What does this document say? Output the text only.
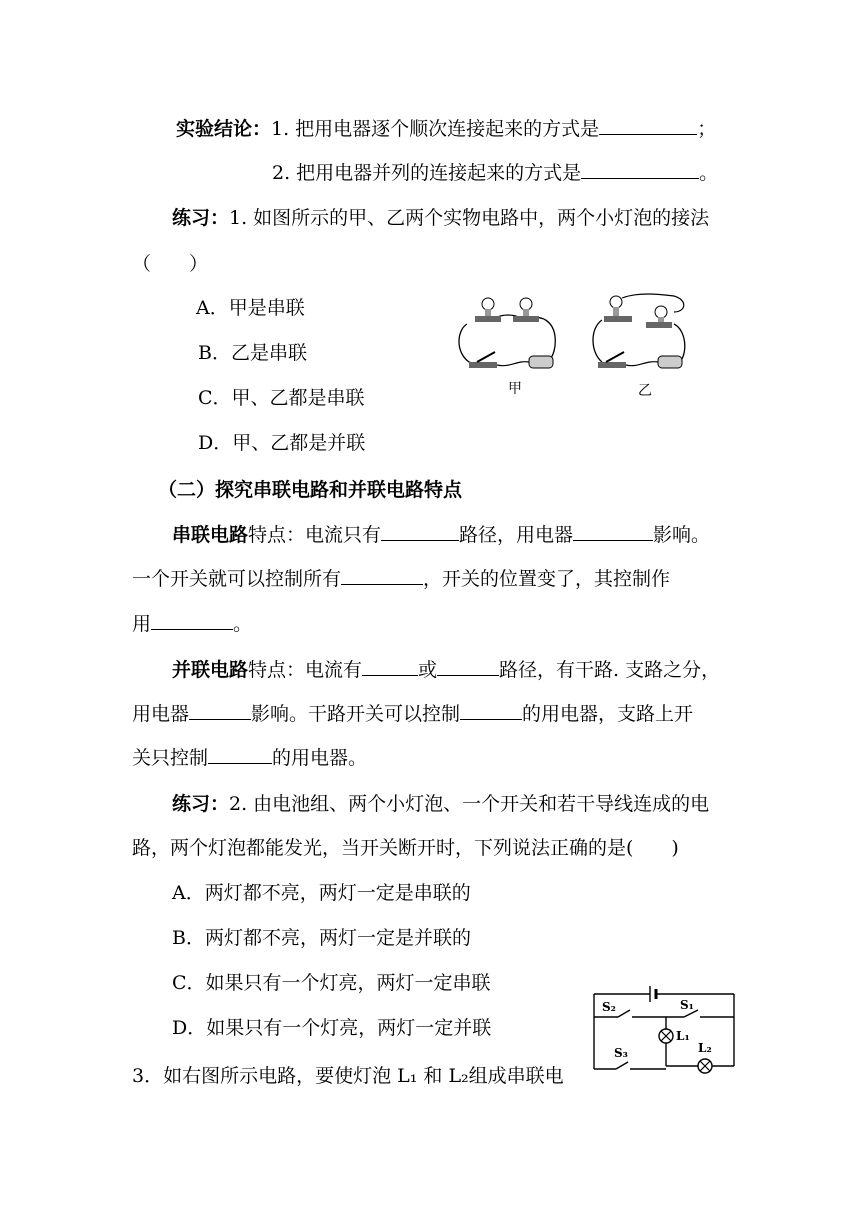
实验结论：1. 把用电器逐个顺次连接起来的方式是	；
2. 把用电器并列的连接起来的方式是	。
练习：1. 如图所示的甲、乙两个实物电路中，两个小灯泡的接法
（　　）
A．甲是串联
B．乙是串联
C．甲、乙都是串联
D．甲、乙都是并联
甲	乙
（二）探究串联电路和并联电路特点
串联电路特点：电流只有	路径，用电器	影响。
一个开关就可以控制所有	，开关的位置变了，其控制作
用	。
并联电路特点：电流有	或	路径，有干路. 支路之分，
用电器	影响。干路开关可以控制	的用电器，支路上开
关只控制	的用电器。
练习：2. 由电池组、两个小灯泡、一个开关和若干导线连成的电
路，两个灯泡都能发光，当开关断开时，下列说法正确的是(　　)
A．两灯都不亮，两灯一定是串联的
B．两灯都不亮，两灯一定是并联的
C．如果只有一个灯亮，两灯一定串联
D．如果只有一个灯亮，两灯一定并联
3．如右图所示电路，要使灯泡 L₁ 和 L₂组成串联电
S₂	S₁
L₁
L₂
S₃
